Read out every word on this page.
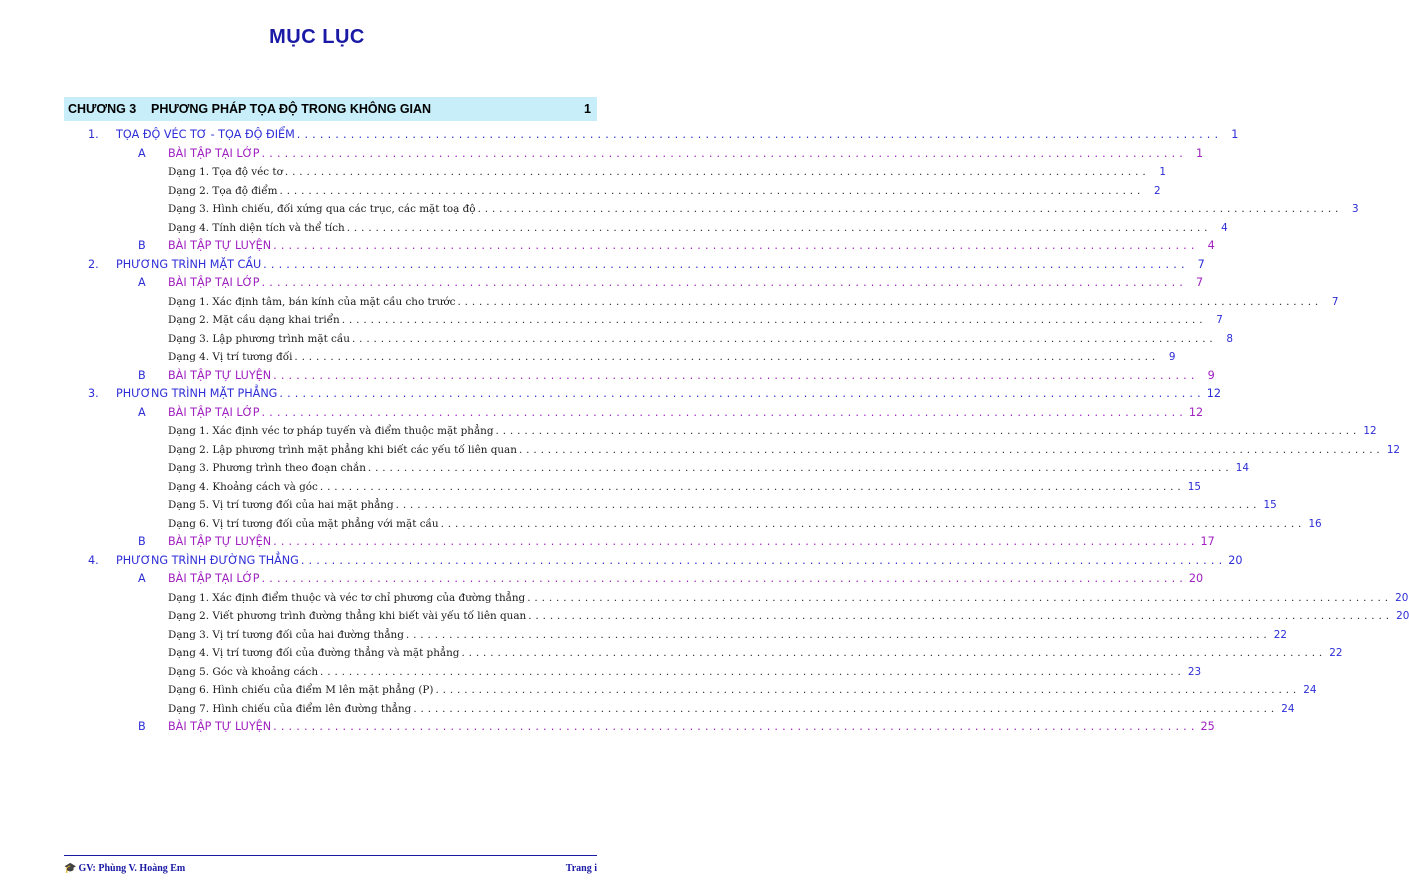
MỤC LỤC
CHƯƠNG 3	PHƯƠNG PHÁP TỌA ĐỘ TRONG KHÔNG GIAN	1
1. TỌA ĐỘ VÉC TƠ - TỌA ĐỘ ĐIỂM . . . . . . . . . . . . . . . . . . . . . . . . . . . . . . . . . . . . . . . . . . . . . . . . . . . . . . . . . . . . . . . . . . . . . . . . . . . . . . . . . . . . . . . . . . . . . . . . . . . . . . . . . . . . . . . . . . . . . . . .	1
A BÀI TẬP TẠI LỚP . . . . . . . . . . . . . . . . . . . . . . . . . . . . . . . . . . . . . . . . . . . . . . . . . . . . . . . . . . . . . . . . . . . . . . . . . . . . . . . . . . . . . . . . . . . . . . . . . . . . . . . . . . . . . . . . . . . . . . . .	1
Dạng 1. Tọa độ véc tơ . . . . . . . . . . . . . . . . . . . . . . . . . . . . . . . . . . . . . . . . . . . . . . . . . . . . . . . . . . . . . . . . . . . . . . . . . . . . . . . . . . . . . . . . . . . . . . . . . . . . . . . . . . . . . . . . . . . . . . . .	1
Dạng 2. Tọa độ điểm . . . . . . . . . . . . . . . . . . . . . . . . . . . . . . . . . . . . . . . . . . . . . . . . . . . . . . . . . . . . . . . . . . . . . . . . . . . . . . . . . . . . . . . . . . . . . . . . . . . . . . . . . . . . . . . . . . . . . . . .	2
Dạng 3. Hình chiếu, đối xứng qua các trục, các mặt toạ độ . . . . . . . . . . . . . . . . . . . . . . . . . . . . . . . . . . . . . . . . . . . . . . . . . . . . . . . . . . . . . . . . . . . . . . . . . . . . . . . . . . . . . . . . . . . . . . . . . . . . . . . . . . . . . . . . . . . . . . . .	3
Dạng 4. Tính diện tích và thể tích . . . . . . . . . . . . . . . . . . . . . . . . . . . . . . . . . . . . . . . . . . . . . . . . . . . . . . . . . . . . . . . . . . . . . . . . . . . . . . . . . . . . . . . . . . . . . . . . . . . . . . . . . . . . . . . . . . . . . . . .	4
B BÀI TẬP TỰ LUYỆN . . . . . . . . . . . . . . . . . . . . . . . . . . . . . . . . . . . . . . . . . . . . . . . . . . . . . . . . . . . . . . . . . . . . . . . . . . . . . . . . . . . . . . . . . . . . . . . . . . . . . . . . . . . . . . . . . . . . . . . .	4
2. PHƯƠNG TRÌNH MẶT CẦU . . . . . . . . . . . . . . . . . . . . . . . . . . . . . . . . . . . . . . . . . . . . . . . . . . . . . . . . . . . . . . . . . . . . . . . . . . . . . . . . . . . . . . . . . . . . . . . . . . . . . . . . . . . . . . . . . . . . . . . .	7
A BÀI TẬP TẠI LỚP . . . . . . . . . . . . . . . . . . . . . . . . . . . . . . . . . . . . . . . . . . . . . . . . . . . . . . . . . . . . . . . . . . . . . . . . . . . . . . . . . . . . . . . . . . . . . . . . . . . . . . . . . . . . . . . . . . . . . . . .	7
Dạng 1. Xác định tâm, bán kính của mặt cầu cho trước . . . . . . . . . . . . . . . . . . . . . . . . . . . . . . . . . . . . . . . . . . . . . . . . . . . . . . . . . . . . . . . . . . . . . . . . . . . . . . . . . . . . . . . . . . . . . . . . . . . . . . . . . . . . . . . . . . . . . . . .	7
Dạng 2. Mặt cầu dạng khai triển . . . . . . . . . . . . . . . . . . . . . . . . . . . . . . . . . . . . . . . . . . . . . . . . . . . . . . . . . . . . . . . . . . . . . . . . . . . . . . . . . . . . . . . . . . . . . . . . . . . . . . . . . . . . . . . . . . . . . . . .	7
Dạng 3. Lập phương trình mặt cầu . . . . . . . . . . . . . . . . . . . . . . . . . . . . . . . . . . . . . . . . . . . . . . . . . . . . . . . . . . . . . . . . . . . . . . . . . . . . . . . . . . . . . . . . . . . . . . . . . . . . . . . . . . . . . . . . . . . . . . . .	8
Dạng 4. Vị trí tương đối . . . . . . . . . . . . . . . . . . . . . . . . . . . . . . . . . . . . . . . . . . . . . . . . . . . . . . . . . . . . . . . . . . . . . . . . . . . . . . . . . . . . . . . . . . . . . . . . . . . . . . . . . . . . . . . . . . . . . . . .	9
B BÀI TẬP TỰ LUYỆN . . . . . . . . . . . . . . . . . . . . . . . . . . . . . . . . . . . . . . . . . . . . . . . . . . . . . . . . . . . . . . . . . . . . . . . . . . . . . . . . . . . . . . . . . . . . . . . . . . . . . . . . . . . . . . . . . . . . . . . .	9
3. PHƯƠNG TRÌNH MẶT PHẲNG . . . . . . . . . . . . . . . . . . . . . . . . . . . . . . . . . . . . . . . . . . . . . . . . . . . . . . . . . . . . . . . . . . . . . . . . . . . . . . . . . . . . . . . . . . . . . . . . . . . . . . . . . . . . . . . . . . . . . . . . 12
A BÀI TẬP TẠI LỚP . . . . . . . . . . . . . . . . . . . . . . . . . . . . . . . . . . . . . . . . . . . . . . . . . . . . . . . . . . . . . . . . . . . . . . . . . . . . . . . . . . . . . . . . . . . . . . . . . . . . . . . . . . . . . . . . . . . . . . . . 12
Dạng 1. Xác định véc tơ pháp tuyến và điểm thuộc mặt phẳng . . . . . . . . . . . . . . . . . . . . . . . . . . . . . . . . . . . . . . . . . . . . . . . . . . . . . . . . . . . . . . . . . . . . . . . . . . . . . . . . . . . . . . . . . . . . . . . . . . . . . . . . . . . . . . . . . . . . . . . . 12
Dạng 2. Lập phương trình mặt phẳng khi biết các yếu tố liên quan . . . . . . . . . . . . . . . . . . . . . . . . . . . . . . . . . . . . . . . . . . . . . . . . . . . . . . . . . . . . . . . . . . . . . . . . . . . . . . . . . . . . . . . . . . . . . . . . . . . . . . . . . . . . . . . . . . . . . . . . 12
Dạng 3. Phương trình theo đoạn chắn . . . . . . . . . . . . . . . . . . . . . . . . . . . . . . . . . . . . . . . . . . . . . . . . . . . . . . . . . . . . . . . . . . . . . . . . . . . . . . . . . . . . . . . . . . . . . . . . . . . . . . . . . . . . . . . . . . . . . . . . 14
Dạng 4. Khoảng cách và góc . . . . . . . . . . . . . . . . . . . . . . . . . . . . . . . . . . . . . . . . . . . . . . . . . . . . . . . . . . . . . . . . . . . . . . . . . . . . . . . . . . . . . . . . . . . . . . . . . . . . . . . . . . . . . . . . . . . . . . . . 15
Dạng 5. Vị trí tương đối của hai mặt phẳng . . . . . . . . . . . . . . . . . . . . . . . . . . . . . . . . . . . . . . . . . . . . . . . . . . . . . . . . . . . . . . . . . . . . . . . . . . . . . . . . . . . . . . . . . . . . . . . . . . . . . . . . . . . . . . . . . . . . . . . . 15
Dạng 6. Vị trí tương đối của mặt phẳng với mặt cầu . . . . . . . . . . . . . . . . . . . . . . . . . . . . . . . . . . . . . . . . . . . . . . . . . . . . . . . . . . . . . . . . . . . . . . . . . . . . . . . . . . . . . . . . . . . . . . . . . . . . . . . . . . . . . . . . . . . . . . . . 16
B BÀI TẬP TỰ LUYỆN . . . . . . . . . . . . . . . . . . . . . . . . . . . . . . . . . . . . . . . . . . . . . . . . . . . . . . . . . . . . . . . . . . . . . . . . . . . . . . . . . . . . . . . . . . . . . . . . . . . . . . . . . . . . . . . . . . . . . . . . 17
4. PHƯƠNG TRÌNH ĐƯỜNG THẲNG . . . . . . . . . . . . . . . . . . . . . . . . . . . . . . . . . . . . . . . . . . . . . . . . . . . . . . . . . . . . . . . . . . . . . . . . . . . . . . . . . . . . . . . . . . . . . . . . . . . . . . . . . . . . . . . . . . . . . . . . 20
A BÀI TẬP TẠI LỚP . . . . . . . . . . . . . . . . . . . . . . . . . . . . . . . . . . . . . . . . . . . . . . . . . . . . . . . . . . . . . . . . . . . . . . . . . . . . . . . . . . . . . . . . . . . . . . . . . . . . . . . . . . . . . . . . . . . . . . . . 20
Dạng 1. Xác định điểm thuộc và véc tơ chỉ phương của đường thẳng . . . . . . . . . . . . . . . . . . . . . . . . . . . . . . . . . . . . . . . . . . . . . . . . . . . . . . . . . . . . . . . . . . . . . . . . . . . . . . . . . . . . . . . . . . . . . . . . . . . . . . . . . . . . . . . . . . . . . . . . 20
Dạng 2. Viết phương trình đường thẳng khi biết vài yếu tố liên quan . . . . . . . . . . . . . . . . . . . . . . . . . . . . . . . . . . . . . . . . . . . . . . . . . . . . . . . . . . . . . . . . . . . . . . . . . . . . . . . . . . . . . . . . . . . . . . . . . . . . . . . . . . . . . . . . . . . . . . . . 20
Dạng 3. Vị trí tương đối của hai đường thẳng . . . . . . . . . . . . . . . . . . . . . . . . . . . . . . . . . . . . . . . . . . . . . . . . . . . . . . . . . . . . . . . . . . . . . . . . . . . . . . . . . . . . . . . . . . . . . . . . . . . . . . . . . . . . . . . . . . . . . . . . 22
Dạng 4. Vị trí tương đối của đường thẳng và mặt phẳng . . . . . . . . . . . . . . . . . . . . . . . . . . . . . . . . . . . . . . . . . . . . . . . . . . . . . . . . . . . . . . . . . . . . . . . . . . . . . . . . . . . . . . . . . . . . . . . . . . . . . . . . . . . . . . . . . . . . . . . . 22
Dạng 5. Góc và khoảng cách . . . . . . . . . . . . . . . . . . . . . . . . . . . . . . . . . . . . . . . . . . . . . . . . . . . . . . . . . . . . . . . . . . . . . . . . . . . . . . . . . . . . . . . . . . . . . . . . . . . . . . . . . . . . . . . . . . . . . . . . 23
Dạng 6. Hình chiếu của điểm M lên mặt phẳng (P) . . . . . . . . . . . . . . . . . . . . . . . . . . . . . . . . . . . . . . . . . . . . . . . . . . . . . . . . . . . . . . . . . . . . . . . . . . . . . . . . . . . . . . . . . . . . . . . . . . . . . . . . . . . . . . . . . . . . . . . . 24
Dạng 7. Hình chiếu của điểm lên đường thẳng . . . . . . . . . . . . . . . . . . . . . . . . . . . . . . . . . . . . . . . . . . . . . . . . . . . . . . . . . . . . . . . . . . . . . . . . . . . . . . . . . . . . . . . . . . . . . . . . . . . . . . . . . . . . . . . . . . . . . . . . 24
B BÀI TẬP TỰ LUYỆN . . . . . . . . . . . . . . . . . . . . . . . . . . . . . . . . . . . . . . . . . . . . . . . . . . . . . . . . . . . . . . . . . . . . . . . . . . . . . . . . . . . . . . . . . . . . . . . . . . . . . . . . . . . . . . . . . . . . . . . . 25
🎓 GV: Phùng V. Hoàng Em	Trang i
